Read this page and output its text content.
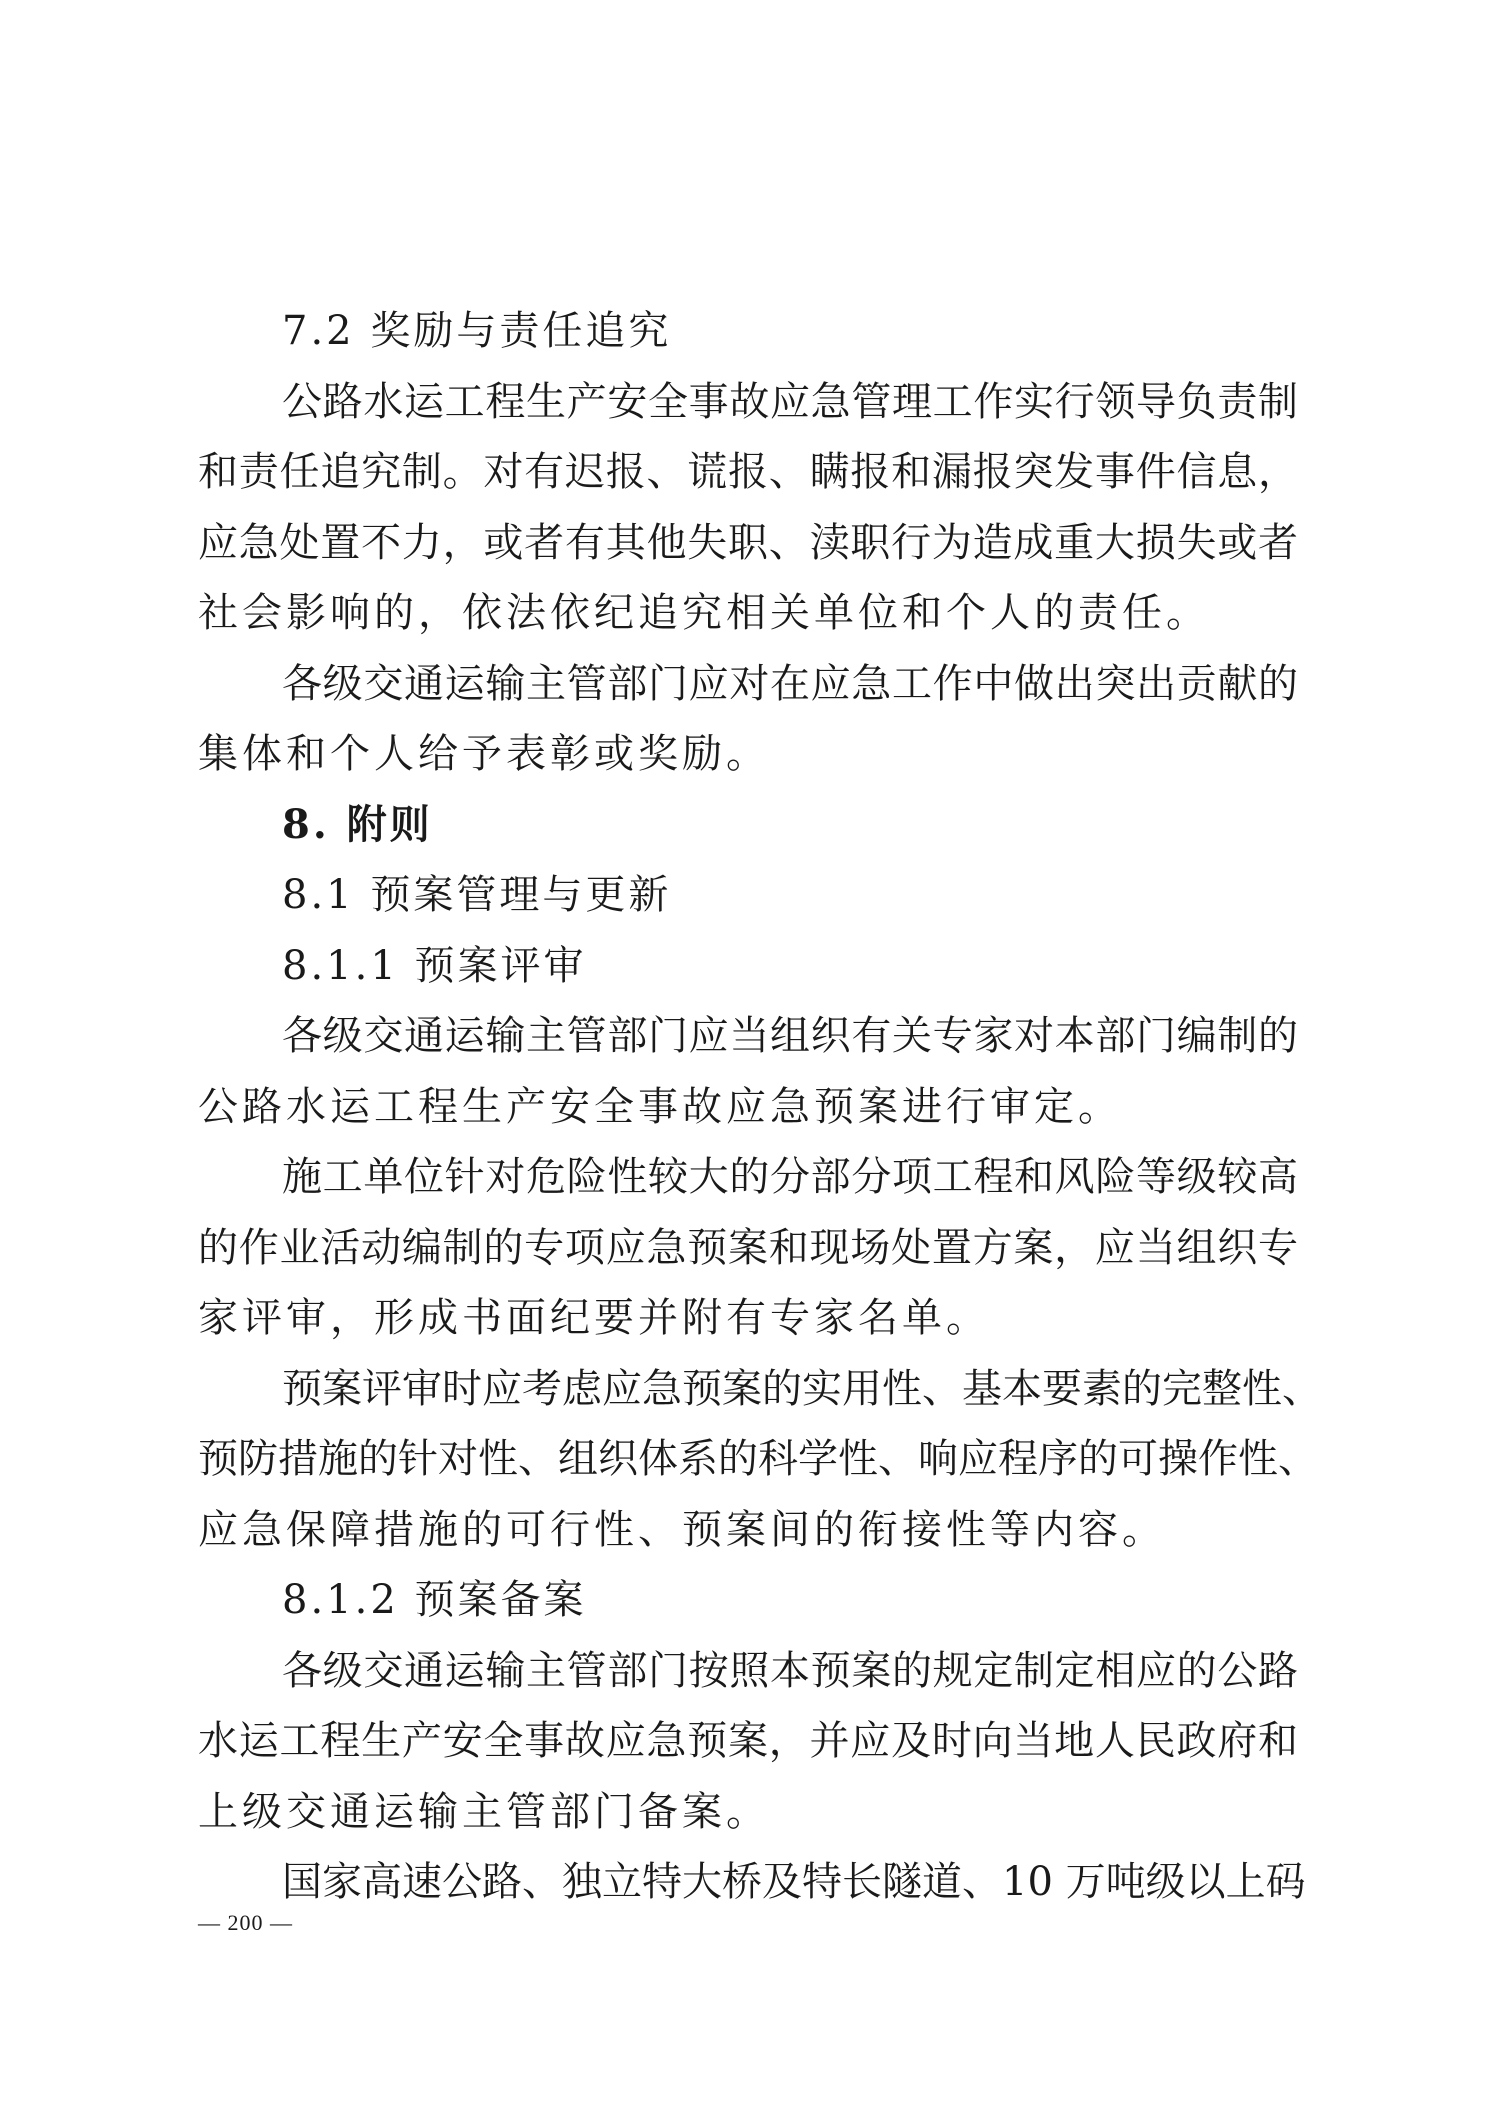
7.2 奖励与责任追究
公路水运工程生产安全事故应急管理工作实行领导负责制
和责任追究制。对有迟报、谎报、瞒报和漏报突发事件信息，
应急处置不力，或者有其他失职、渎职行为造成重大损失或者
社会影响的，依法依纪追究相关单位和个人的责任。
各级交通运输主管部门应对在应急工作中做出突出贡献的
集体和个人给予表彰或奖励。
8. 附则
8.1 预案管理与更新
8.1.1 预案评审
各级交通运输主管部门应当组织有关专家对本部门编制的
公路水运工程生产安全事故应急预案进行审定。
施工单位针对危险性较大的分部分项工程和风险等级较高
的作业活动编制的专项应急预案和现场处置方案，应当组织专
家评审，形成书面纪要并附有专家名单。
预案评审时应考虑应急预案的实用性、基本要素的完整性、
预防措施的针对性、组织体系的科学性、响应程序的可操作性、
应急保障措施的可行性、预案间的衔接性等内容。
8.1.2 预案备案
各级交通运输主管部门按照本预案的规定制定相应的公路
水运工程生产安全事故应急预案，并应及时向当地人民政府和
上级交通运输主管部门备案。
国家高速公路、独立特大桥及特长隧道、10 万吨级以上码
— 200 —
